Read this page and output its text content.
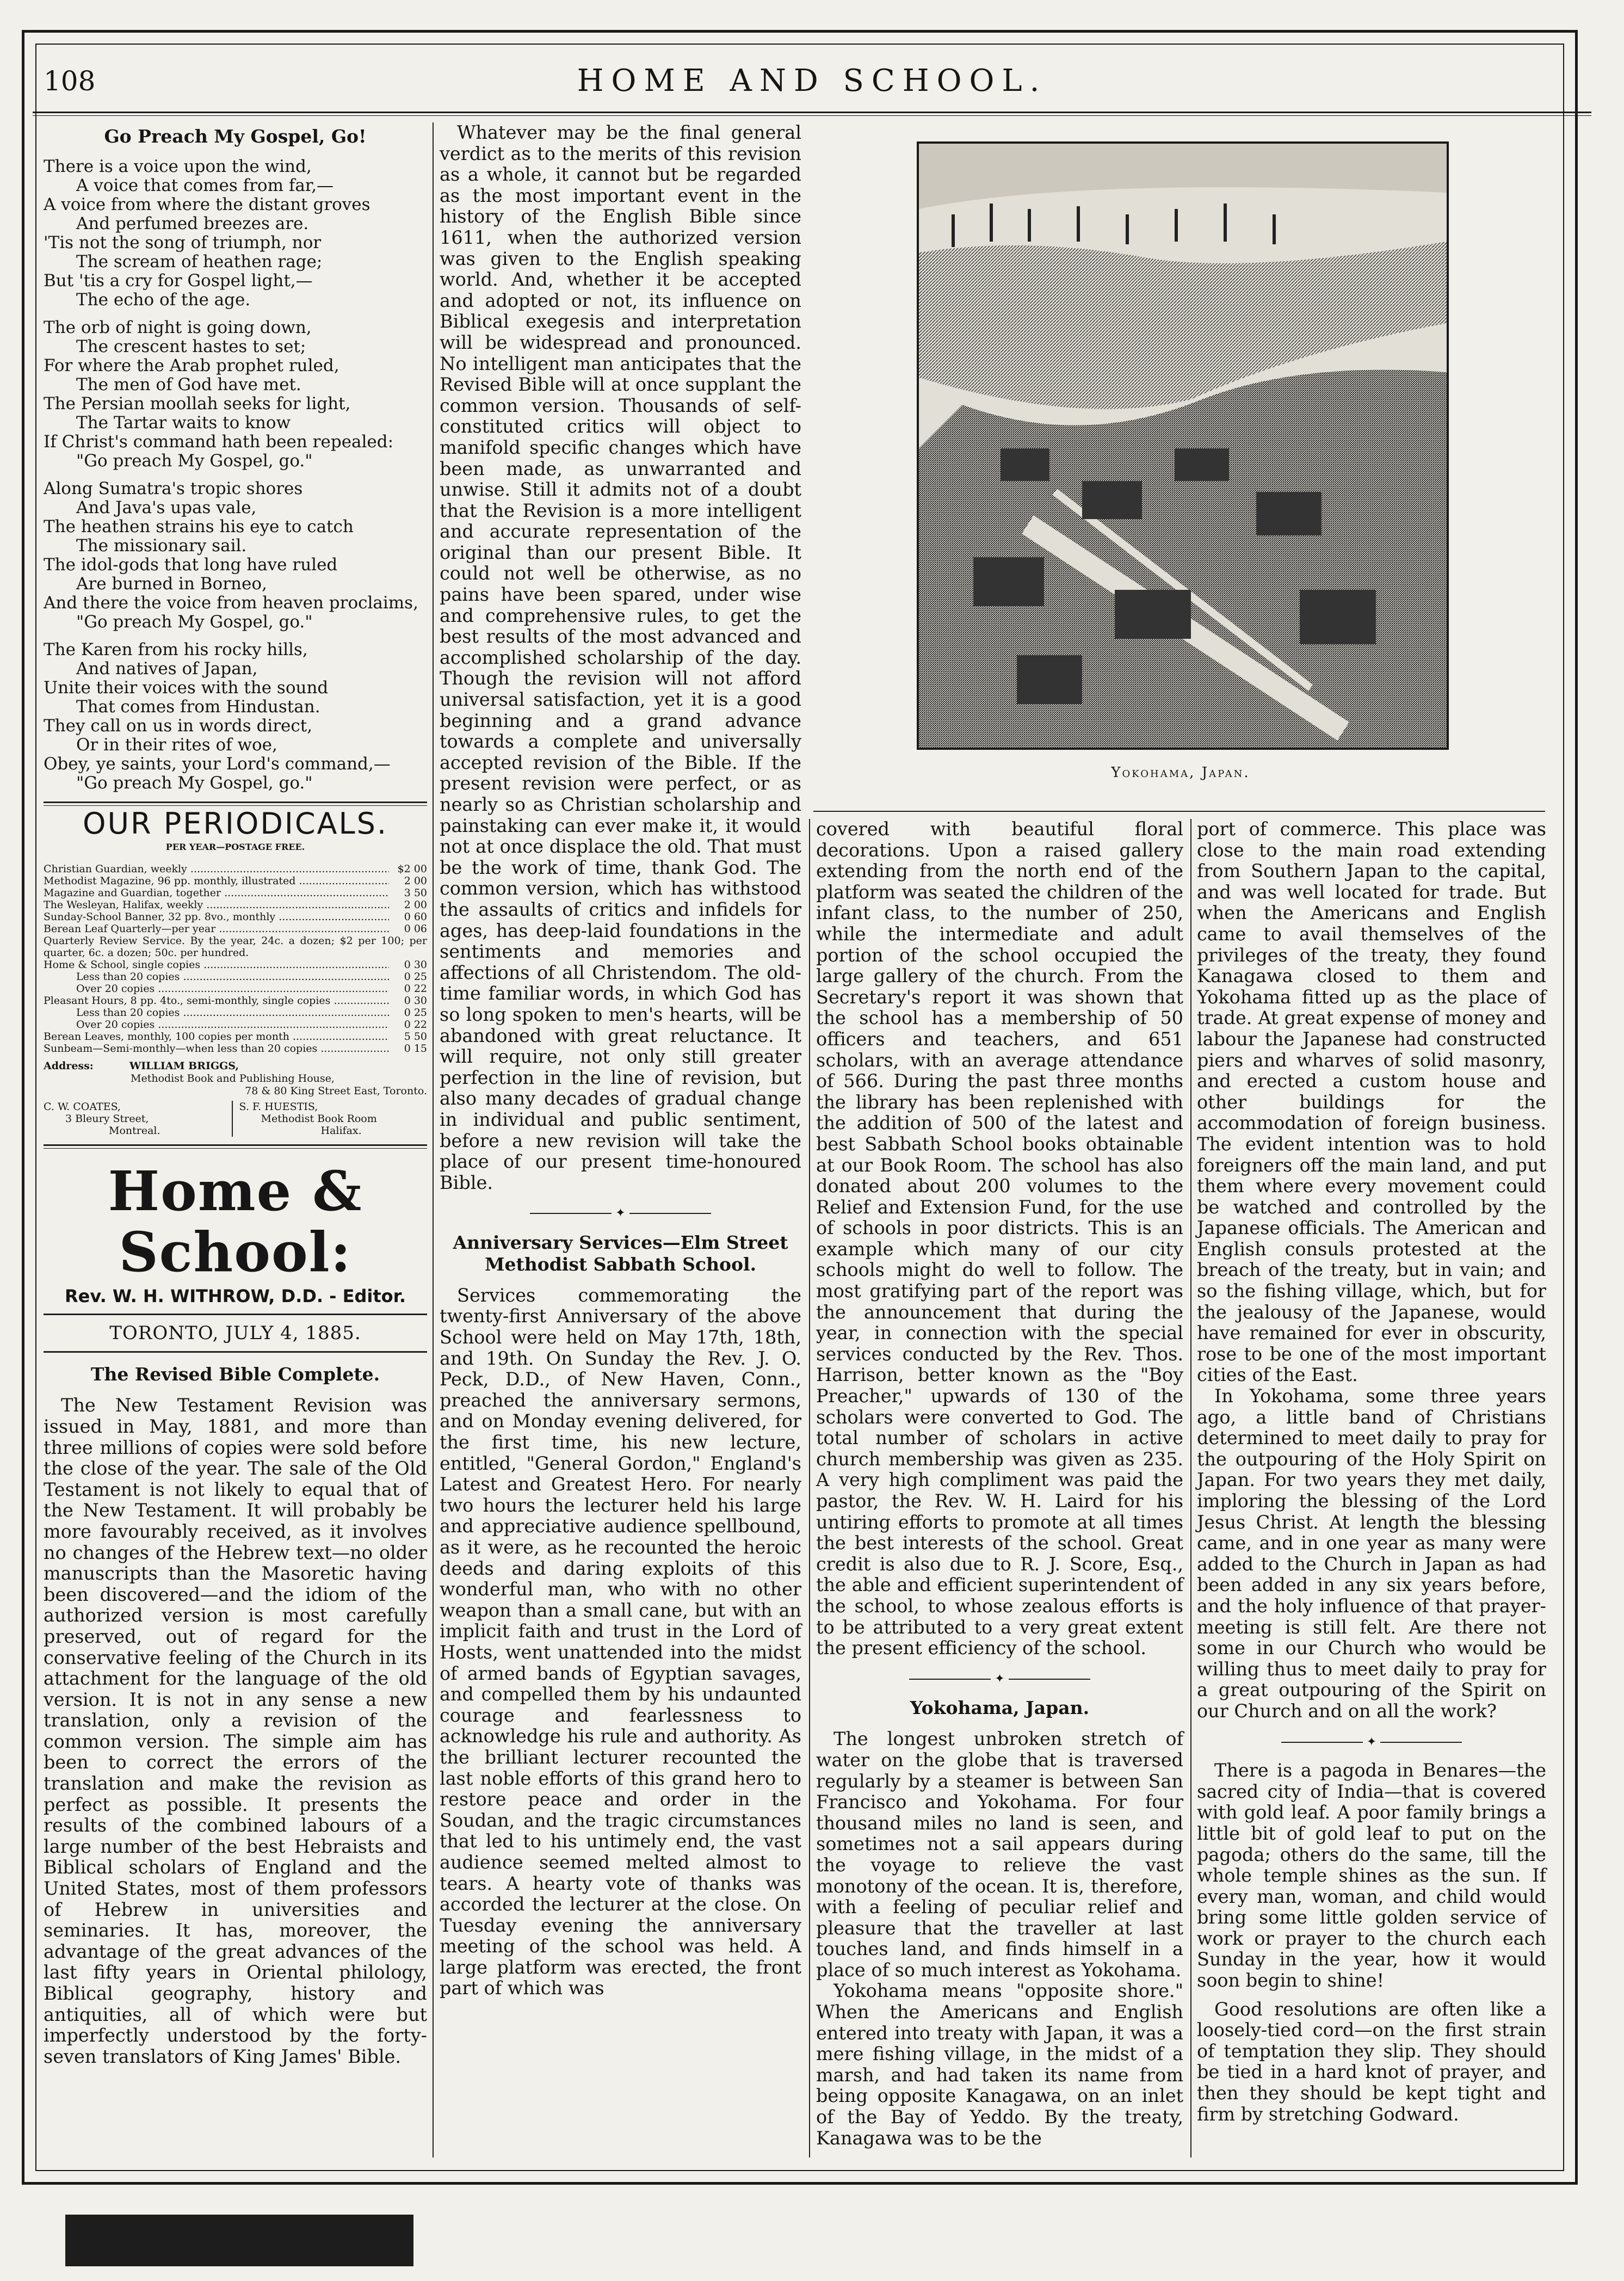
108	HOME AND SCHOOL.
Go Preach My Gospel, Go!
There is a voice upon the wind,
A voice that comes from far,—
A voice from where the distant groves
And perfumed breezes are.
'Tis not the song of triumph, nor
The scream of heathen rage;
But 'tis a cry for Gospel light,—
The echo of the age.
The orb of night is going down,
The crescent hastes to set;
For where the Arab prophet ruled,
The men of God have met.
The Persian moollah seeks for light,
The Tartar waits to know
If Christ's command hath been repealed:
"Go preach My Gospel, go."
Along Sumatra's tropic shores
And Java's upas vale,
The heathen strains his eye to catch
The missionary sail.
The idol-gods that long have ruled
Are burned in Borneo,
And there the voice from heaven proclaims,
"Go preach My Gospel, go."
The Karen from his rocky hills,
And natives of Japan,
Unite their voices with the sound
That comes from Hindustan.
They call on us in words direct,
Or in their rites of woe,
Obey, ye saints, your Lord's command,—
"Go preach My Gospel, go."
OUR PERIODICALS.
PER YEAR—POSTAGE FREE.
Christian Guardian, weekly .....	$2 00
Methodist Magazine, 96 pp. monthly, illustrated .....	2 00
Magazine and Guardian, together .....	3 50
The Wesleyan, Halifax, weekly .....	2 00
Sunday-School Banner, 32 pp. 8vo., monthly .....	0 60
Berean Leaf Quarterly—per year .....	0 06
Quarterly Review Service. By the year, 24c. a dozen; $2 per 100; per quarter, 6c. a dozen; 50c. per hundred.
Home & School, single copies .....	0 30
Less than 20 copies .....	0 25
Over 20 copies .....	0 22
Pleasant Hours, 8 pp. 4to., semi-monthly, single copies .....	0 30
Less than 20 copies .....	0 25
Over 20 copies .....	0 22
Berean Leaves, monthly, 100 copies per month .....	5 50
Sunbeam—Semi-monthly—when less than 20 copies .....	0 15
Address:	WILLIAM BRIGGS,
Methodist Book and Publishing House,
78 & 80 King Street East, Toronto.
C. W. COATES,
3 Bleury Street,
Montreal.
S. F. HUESTIS,
Methodist Book Room
Halifax.
Home & School:
Rev. W. H. WITHROW, D.D. - Editor.
TORONTO, JULY 4, 1885.
The Revised Bible Complete.

The New Testament Revision was issued in May, 1881, and more than three millions of copies were sold before the close of the year. The sale of the Old Testament is not likely to equal that of the New Testament. It will probably be more favourably received, as it involves no changes of the Hebrew text—no older manuscripts than the Masoretic having been discovered—and the idiom of the authorized version is most carefully preserved, out of regard for the conservative feeling of the Church in its attachment for the language of the old version. It is not in any sense a new translation, only a revision of the common version. The simple aim has been to correct the errors of the translation and make the revision as perfect as possible. It presents the results of the combined labours of a large number of the best Hebraists and Biblical scholars of England and the United States, most of them professors of Hebrew in universities and seminaries. It has, moreover, the advantage of the great advances of the last fifty years in Oriental philology, Biblical geography, history and antiquities, all of which were but imperfectly understood by the forty-seven translators of King James' Bible.

Whatever may be the final general verdict as to the merits of this revision as a whole, it cannot but be regarded as the most important event in the history of the English Bible since 1611, when the authorized version was given to the English speaking world. And, whether it be accepted and adopted or not, its influence on Biblical exegesis and interpretation will be widespread and pronounced. No intelligent man anticipates that the Revised Bible will at once supplant the common version. Thousands of self-constituted critics will object to manifold specific changes which have been made, as unwarranted and unwise. Still it admits not of a doubt that the Revision is a more intelligent and accurate representation of the original than our present Bible. It could not well be otherwise, as no pains have been spared, under wise and comprehensive rules, to get the best results of the most advanced and accomplished scholarship of the day. Though the revision will not afford universal satisfaction, yet it is a good beginning and a grand advance towards a complete and universally accepted revision of the Bible. If the present revision were perfect, or as nearly so as Christian scholarship and painstaking can ever make it, it would not at once displace the old. That must be the work of time, thank God. The common version, which has withstood the assaults of critics and infidels for ages, has deep-laid foundations in the sentiments and memories and affections of all Christendom. The old-time familiar words, in which God has so long spoken to men's hearts, will be abandoned with great reluctance. It will require, not only still greater perfection in the line of revision, but also many decades of gradual change in individual and public sentiment, before a new revision will take the place of our present time-honoured Bible.

✦
Anniversary Services—Elm Street Methodist Sabbath School.

Services commemorating the twenty-first Anniversary of the above School were held on May 17th, 18th, and 19th. On Sunday the Rev. J. O. Peck, D.D., of New Haven, Conn., preached the anniversary sermons, and on Monday evening delivered, for the first time, his new lecture, entitled, "General Gordon," England's Latest and Greatest Hero. For nearly two hours the lecturer held his large and appreciative audience spellbound, as it were, as he recounted the heroic deeds and daring exploits of this wonderful man, who with no other weapon than a small cane, but with an implicit faith and trust in the Lord of Hosts, went unattended into the midst of armed bands of Egyptian savages, and compelled them by his undaunted courage and fearlessness to acknowledge his rule and authority. As the brilliant lecturer recounted the last noble efforts of this grand hero to restore peace and order in the Soudan, and the tragic circumstances that led to his untimely end, the vast audience seemed melted almost to tears. A hearty vote of thanks was accorded the lecturer at the close. On Tuesday evening the anniversary meeting of the school was held. A large platform was erected, the front part of which was

Yokohama, Japan.

covered with beautiful floral decorations. Upon a raised gallery extending from the north end of the platform was seated the children of the infant class, to the number of 250, while the intermediate and adult portion of the school occupied the large gallery of the church. From the Secretary's report it was shown that the school has a membership of 50 officers and teachers, and 651 scholars, with an average attendance of 566. During the past three months the library has been replenished with the addition of 500 of the latest and best Sabbath School books obtainable at our Book Room. The school has also donated about 200 volumes to the Relief and Extension Fund, for the use of schools in poor districts. This is an example which many of our city schools might do well to follow. The most gratifying part of the report was the announcement that during the year, in connection with the special services conducted by the Rev. Thos. Harrison, better known as the "Boy Preacher," upwards of 130 of the scholars were converted to God. The total number of scholars in active church membership was given as 235. A very high compliment was paid the pastor, the Rev. W. H. Laird for his untiring efforts to promote at all times the best interests of the school. Great credit is also due to R. J. Score, Esq., the able and efficient superintendent of the school, to whose zealous efforts is to be attributed to a very great extent the present efficiency of the school.

✦
Yokohama, Japan.

The longest unbroken stretch of water on the globe that is traversed regularly by a steamer is between San Francisco and Yokohama. For four thousand miles no land is seen, and sometimes not a sail appears during the voyage to relieve the vast monotony of the ocean. It is, therefore, with a feeling of peculiar relief and pleasure that the traveller at last touches land, and finds himself in a place of so much interest as Yokohama.

Yokohama means "opposite shore." When the Americans and English entered into treaty with Japan, it was a mere fishing village, in the midst of a marsh, and had taken its name from being opposite Kanagawa, on an inlet of the Bay of Yeddo. By the treaty, Kanagawa was to be the

port of commerce. This place was close to the main road extending from Southern Japan to the capital, and was well located for trade. But when the Americans and English came to avail themselves of the privileges of the treaty, they found Kanagawa closed to them and Yokohama fitted up as the place of trade. At great expense of money and labour the Japanese had constructed piers and wharves of solid masonry, and erected a custom house and other buildings for the accommodation of foreign business. The evident intention was to hold foreigners off the main land, and put them where every movement could be watched and controlled by the Japanese officials. The American and English consuls protested at the breach of the treaty, but in vain; and so the fishing village, which, but for the jealousy of the Japanese, would have remained for ever in obscurity, rose to be one of the most important cities of the East.

In Yokohama, some three years ago, a little band of Christians determined to meet daily to pray for the outpouring of the Holy Spirit on Japan. For two years they met daily, imploring the blessing of the Lord Jesus Christ. At length the blessing came, and in one year as many were added to the Church in Japan as had been added in any six years before, and the holy influence of that prayer-meeting is still felt. Are there not some in our Church who would be willing thus to meet daily to pray for a great outpouring of the Spirit on our Church and on all the work?

✦

There is a pagoda in Benares—the sacred city of India—that is covered with gold leaf. A poor family brings a little bit of gold leaf to put on the pagoda; others do the same, till the whole temple shines as the sun. If every man, woman, and child would bring some little golden service of work or prayer to the church each Sunday in the year, how it would soon begin to shine!

Good resolutions are often like a loosely-tied cord—on the first strain of temptation they slip. They should be tied in a hard knot of prayer, and then they should be kept tight and firm by stretching Godward.
